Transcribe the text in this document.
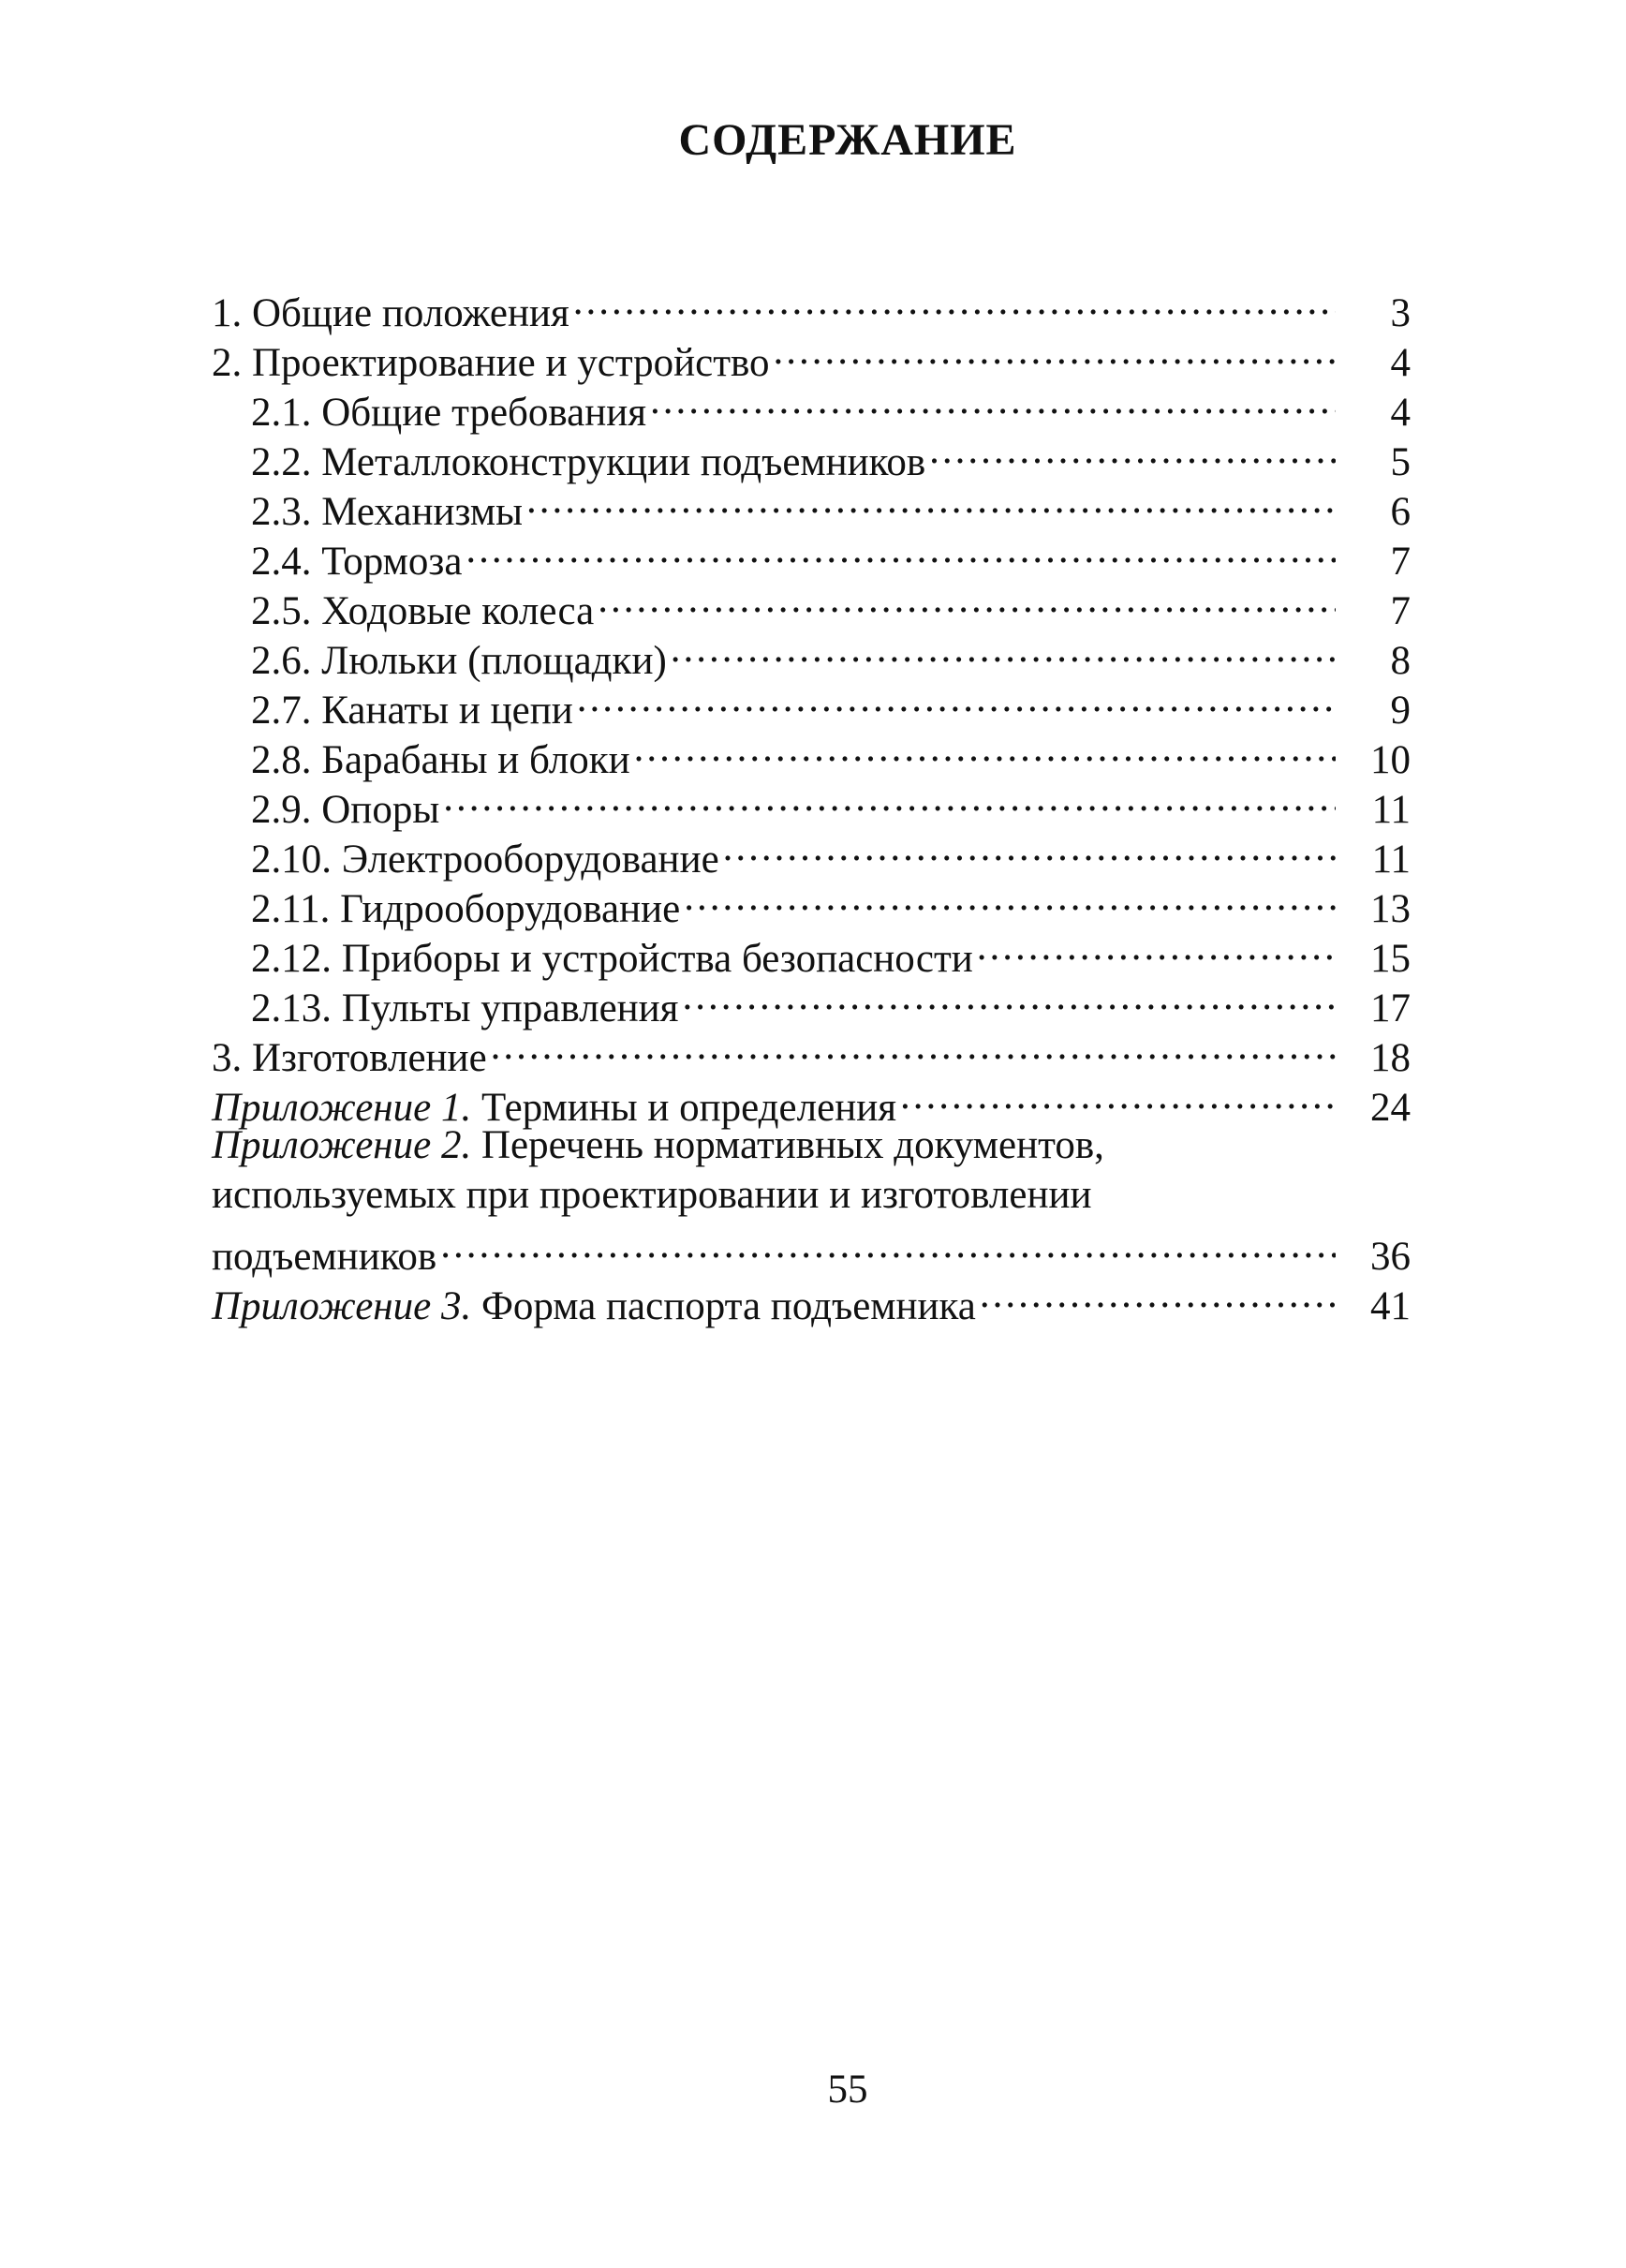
СОДЕРЖАНИЕ
1. Общие положения .....	3
2. Проектирование и устройство .....	4
2.1. Общие требования .....	4
2.2. Металлоконструкции подъемников .....	5
2.3. Механизмы .....	6
2.4. Тормоза .....	7
2.5. Ходовые колеса .....	7
2.6. Люльки (площадки) .....	8
2.7. Канаты и цепи .....	9
2.8. Барабаны и блоки .....	10
2.9. Опоры .....	11
2.10. Электрооборудование .....	11
2.11. Гидрооборудование .....	13
2.12. Приборы и устройства безопасности .....	15
2.13. Пульты управления .....	17
3. Изготовление .....	18
Приложение 1. Термины и определения .....	24
Приложение 2. Перечень нормативных документов,
используемых при проектировании и изготовлении
подъемников .....	36
Приложение 3. Форма паспорта подъемника .....	41
55
